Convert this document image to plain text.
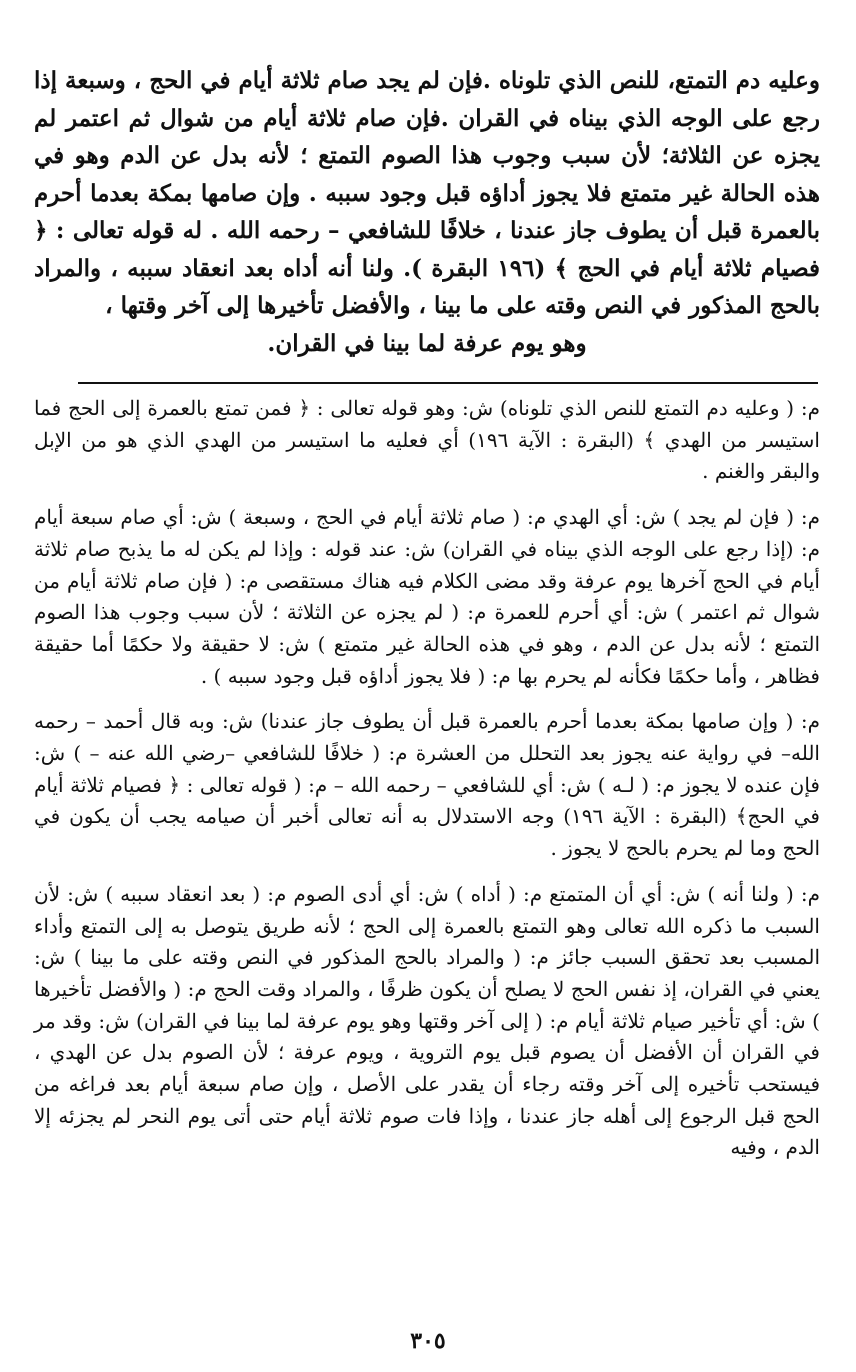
وعليه دم التمتع، للنص الذي تلوناه .فإن لم يجد صام ثلاثة أيام في الحج ، وسبعة إذا رجع على الوجه الذي بيناه في القران .فإن صام ثلاثة أيام من شوال ثم اعتمر لم يجزه عن الثلاثة؛ لأن سبب وجوب هذا الصوم التمتع ؛ لأنه بدل عن الدم وهو في هذه الحالة غير متمتع فلا يجوز أداؤه قبل وجود سببه . وإن صامها بمكة بعدما أحرم بالعمرة قبل أن يطوف جاز عندنا ، خلافًا للشافعي – رحمه الله . له قوله تعالى : ﴿ فصيام ثلاثة أيام في الحج ﴾ (١٩٦ البقرة ). ولنا أنه أداه بعد انعقاد سببه ، والمراد بالحج المذكور في النص وقته على ما بينا ، والأفضل تأخيرها إلى آخر وقتها ،
وهو يوم عرفة لما بينا في القران.

م: ( وعليه دم التمتع للنص الذي تلوناه) ش: وهو قوله تعالى : ﴿ فمن تمتع بالعمرة إلى الحج فما استيسر من الهدي ﴾ (البقرة : الآية ١٩٦) أي فعليه ما استيسر من الهدي الذي هو من الإبل والبقر والغنم .

م: ( فإن لم يجد ) ش: أي الهدي م: ( صام ثلاثة أيام في الحج ، وسبعة ) ش: أي صام سبعة أيام م: (إذا رجع على الوجه الذي بيناه في القران) ش: عند قوله : وإذا لم يكن له ما يذبح صام ثلاثة أيام في الحج آخرها يوم عرفة وقد مضى الكلام فيه هناك مستقصى م: ( فإن صام ثلاثة أيام من شوال ثم اعتمر ) ش: أي أحرم للعمرة م: ( لم يجزه عن الثلاثة ؛ لأن سبب وجوب هذا الصوم التمتع ؛ لأنه بدل عن الدم ، وهو في هذه الحالة غير متمتع ) ش: لا حقيقة ولا حكمًا أما حقيقة فظاهر ، وأما حكمًا فكأنه لم يحرم بها م: ( فلا يجوز أداؤه قبل وجود سببه ) .

م: ( وإن صامها بمكة بعدما أحرم بالعمرة قبل أن يطوف جاز عندنا) ش: وبه قال أحمد – رحمه الله– في رواية عنه يجوز بعد التحلل من العشرة م: ( خلافًا للشافعي –رضي الله عنه – ) ش: فإن عنده لا يجوز م: ( لـه ) ش: أي للشافعي – رحمه الله – م: ( قوله تعالى : ﴿ فصيام ثلاثة أيام في الحج﴾ (البقرة : الآية ١٩٦) وجه الاستدلال به أنه تعالى أخبر أن صيامه يجب أن يكون في الحج وما لم يحرم بالحج لا يجوز .

م: ( ولنا أنه ) ش: أي أن المتمتع م: ( أداه ) ش: أي أدى الصوم م: ( بعد انعقاد سببه ) ش: لأن السبب ما ذكره الله تعالى وهو التمتع بالعمرة إلى الحج ؛ لأنه طريق يتوصل به إلى التمتع وأداء المسبب بعد تحقق السبب جائز م: ( والمراد بالحج المذكور في النص وقته على ما بينا ) ش: يعني في القران، إذ نفس الحج لا يصلح أن يكون ظرفًا ، والمراد وقت الحج م: ( والأفضل تأخيرها ) ش: أي تأخير صيام ثلاثة أيام م: ( إلى آخر وقتها وهو يوم عرفة لما بينا في القران) ش: وقد مر في القران أن الأفضل أن يصوم قبل يوم التروية ، ويوم عرفة ؛ لأن الصوم بدل عن الهدي ، فيستحب تأخيره إلى آخر وقته رجاء أن يقدر على الأصل ، وإن صام سبعة أيام بعد فراغه من الحج قبل الرجوع إلى أهله جاز عندنا ، وإذا فات صوم ثلاثة أيام حتى أتى يوم النحر لم يجزئه إلا الدم ، وفيه

٣٠٥
